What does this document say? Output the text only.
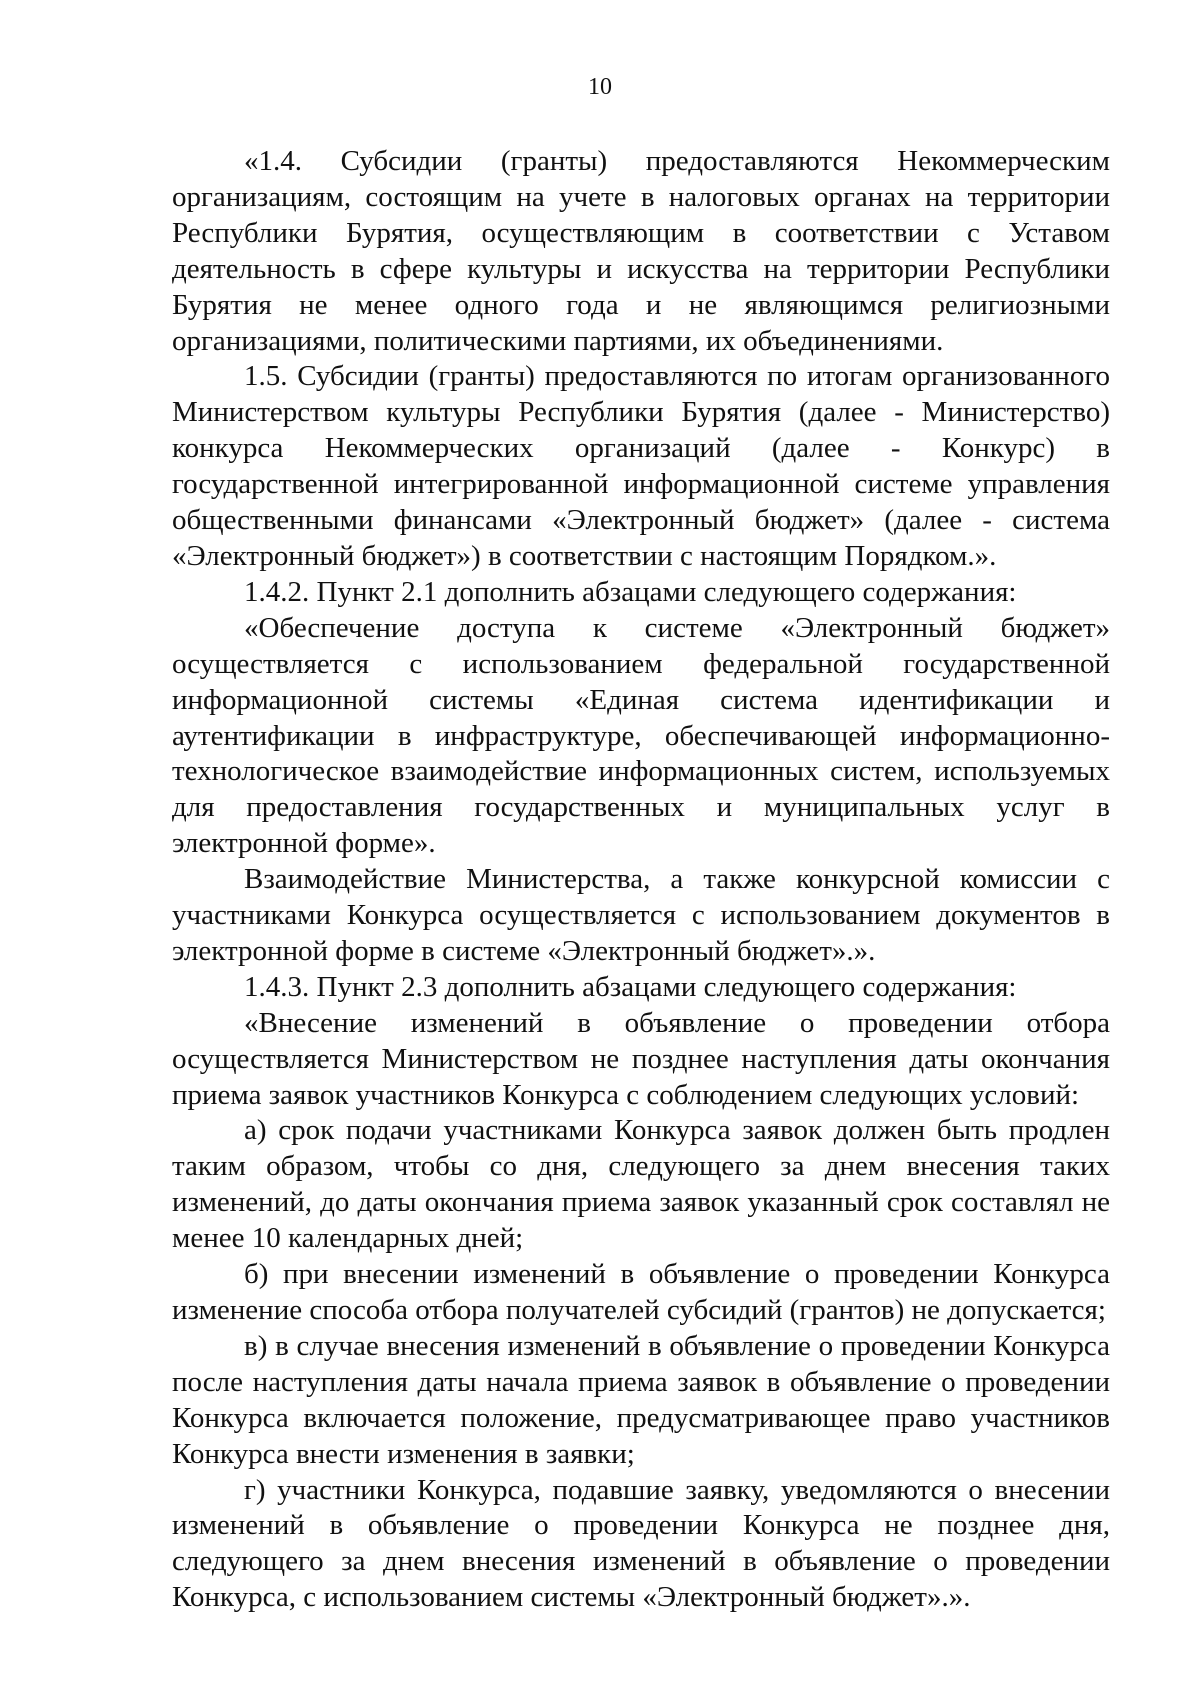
10

«1.4. Субсидии (гранты) предоставляются Некоммерческим организациям, состоящим на учете в налоговых органах на территории Республики Бурятия, осуществляющим в соответствии с Уставом деятельность в сфере культуры и искусства на территории Республики Бурятия не менее одного года и не являющимся религиозными организациями, политическими партиями, их объединениями.

1.5. Субсидии (гранты) предоставляются по итогам организованного Министерством культуры Республики Бурятия (далее - Министерство) конкурса Некоммерческих организаций (далее - Конкурс) в государственной интегрированной информационной системе управления общественными финансами «Электронный бюджет» (далее - система «Электронный бюджет») в соответствии с настоящим Порядком.».

1.4.2. Пункт 2.1 дополнить абзацами следующего содержания:

«Обеспечение доступа к системе «Электронный бюджет» осуществляется с использованием федеральной государственной информационной системы «Единая система идентификации и аутентификации в инфраструктуре, обеспечивающей информационно-технологическое взаимодействие информационных систем, используемых для предоставления государственных и муниципальных услуг в электронной форме».

Взаимодействие Министерства, а также конкурсной комиссии с участниками Конкурса осуществляется с использованием документов в электронной форме в системе «Электронный бюджет».».

1.4.3. Пункт 2.3 дополнить абзацами следующего содержания:

«Внесение изменений в объявление о проведении отбора осуществляется Министерством не позднее наступления даты окончания приема заявок участников Конкурса с соблюдением следующих условий:

а) срок подачи участниками Конкурса заявок должен быть продлен таким образом, чтобы со дня, следующего за днем внесения таких изменений, до даты окончания приема заявок указанный срок составлял не менее 10 календарных дней;

б) при внесении изменений в объявление о проведении Конкурса изменение способа отбора получателей субсидий (грантов) не допускается;

в) в случае внесения изменений в объявление о проведении Конкурса после наступления даты начала приема заявок в объявление о проведении Конкурса включается положение, предусматривающее право участников Конкурса внести изменения в заявки;

г) участники Конкурса, подавшие заявку, уведомляются о внесении изменений в объявление о проведении Конкурса не позднее дня, следующего за днем внесения изменений в объявление о проведении Конкурса, с использованием системы «Электронный бюджет».».
